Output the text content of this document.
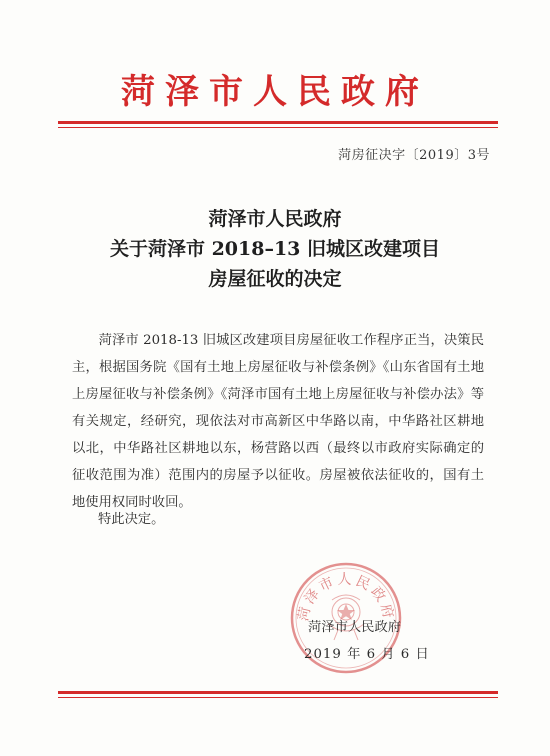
菏泽市人民政府
菏房征决字〔2019〕3号
菏泽市人民政府
关于菏泽市 2018–13 旧城区改建项目
房屋征收的决定
菏泽市 2018-13 旧城区改建项目房屋征收工作程序正当，决策民主，根据国务院《国有土地上房屋征收与补偿条例》《山东省国有土地上房屋征收与补偿条例》《菏泽市国有土地上房屋征收与补偿办法》等有关规定，经研究，现依法对市高新区中华路以南，中华路社区耕地以北，中华路社区耕地以东，杨营路以西（最终以市政府实际确定的征收范围为准）范围内的房屋予以征收。房屋被依法征收的，国有土地使用权同时收回。
特此决定。
菏泽市人民政府
菏泽市人民政府
2019 年 6 月 6 日
